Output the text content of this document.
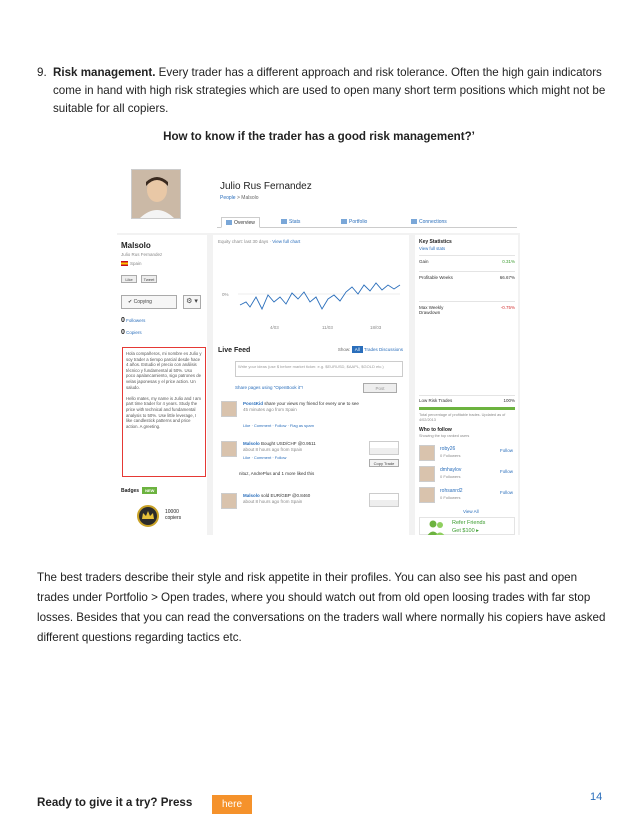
9. Risk management. Every trader has a different approach and risk tolerance. Often the high gain indicators come in hand with high risk strategies which are used to open many short term positions which might not be suitable for all copiers.
How to know if the trader has a good risk management?’
Julio Rus Fernandez
People > Malsolo
Overview	Stats	Portfolio	Connections
Malsolo
Julio Rus Fernandez
Spain
Like	Tweet
✔ Copying	⚙ ▾
0 Followers
0 Copiers
Hola compañeros, mi nombre es Julio y soy trader a tiempo parcial desde hace 4 años. Estudio el precio con análisis técnico y fundamental al 50%. Uso poco apalancamiento, sigo patrones de velas japonesas y el price action. Un saludo.

Hello mates, my name is Julio and I am part time trader for 4 years. Study the price with technical and fundamental analysis to 50%. Use little leverage, I like candlestick patterns and price action. A greeting.
Badges NEW
10000
copiers
Equity chart: last 30 days · View full chart
0%
4/03	11/03	18/03
Live Feed	Show: All Trades Discussions
Write your ideas (use $ before market ticker. e.g. $EURUSD, $AAPL, $GOLD etc.)
Share pages using "OpenBook it"!	Post
Poor4Kid share your views my friend for every one to see
45 minutes ago from Spain
Like · Comment · Follow · Flag as spam
Malsolo Bought USD/CHF @0.9511
about 8 hours ago from Spain
Like · Comment · Follow
Copy Trade
nituz, AndrePlus and 1 more liked this
Malsolo sold EUR/GBP @0.8460
about 8 hours ago from Spain
Key Statistics
View full stats
Gain	0.31%
Profitable Weeks	66.67%
Max Weekly Drawdown
-0.75%
Low Risk Trades	100%
Total percentage of profitable trades. Updated as of 4/02/2013
Who to follow
Showing the top ranked users
roby26
0 Followers
Follow
dmhaylov
0 Followers
Follow
rohsanrd2
0 Followers
Follow
View All
Refer Friends
Get $100 ▸
The best traders describe their style and risk appetite in their profiles. You can also see his past and open trades under Portfolio > Open trades, where you should watch out from old open loosing trades with far stop losses. Besides that you can read the conversations on the traders wall where normally his copiers have asked different questions regarding tactics etc.
Ready to give it a try? Press	here
14
